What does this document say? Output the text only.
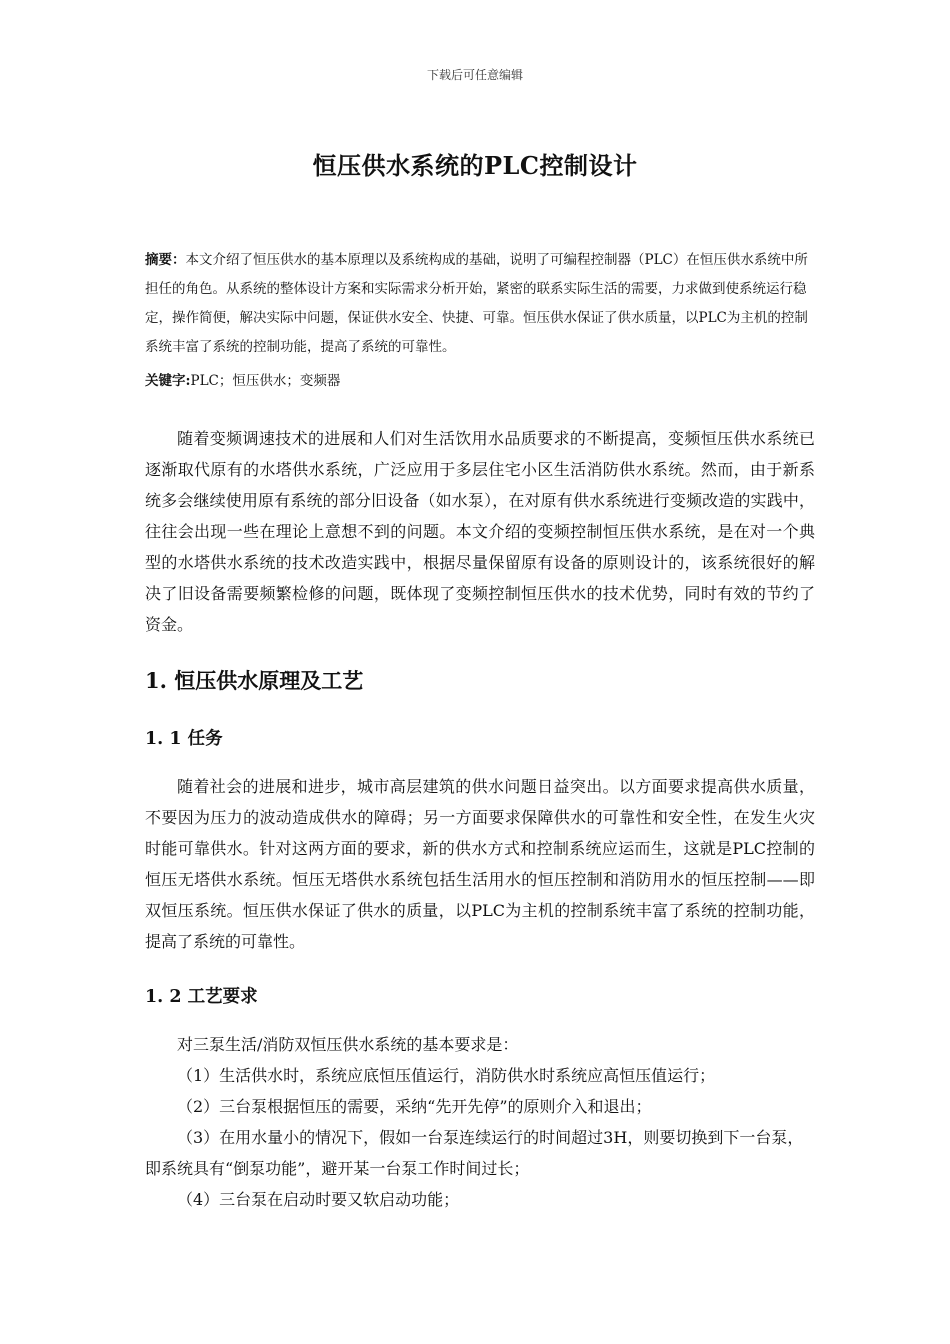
下载后可任意编辑
恒压供水系统的PLC控制设计
摘要：本文介绍了恒压供水的基本原理以及系统构成的基础，说明了可编程控制器（PLC）在恒压供水系统中所担任的角色。从系统的整体设计方案和实际需求分析开始，紧密的联系实际生活的需要，力求做到使系统运行稳定，操作简便，解决实际中问题，保证供水安全、快捷、可靠。恒压供水保证了供水质量，以PLC为主机的控制系统丰富了系统的控制功能，提高了系统的可靠性。
关键字:PLC；恒压供水；变频器
随着变频调速技术的进展和人们对生活饮用水品质要求的不断提高，变频恒压供水系统已逐渐取代原有的水塔供水系统，广泛应用于多层住宅小区生活消防供水系统。然而，由于新系统多会继续使用原有系统的部分旧设备（如水泵），在对原有供水系统进行变频改造的实践中，往往会出现一些在理论上意想不到的问题。本文介绍的变频控制恒压供水系统，是在对一个典型的水塔供水系统的技术改造实践中，根据尽量保留原有设备的原则设计的，该系统很好的解决了旧设备需要频繁检修的问题，既体现了变频控制恒压供水的技术优势，同时有效的节约了资金。
1. 恒压供水原理及工艺
1. 1 任务
随着社会的进展和进步，城市高层建筑的供水问题日益突出。以方面要求提高供水质量，不要因为压力的波动造成供水的障碍；另一方面要求保障供水的可靠性和安全性，在发生火灾时能可靠供水。针对这两方面的要求，新的供水方式和控制系统应运而生，这就是PLC控制的恒压无塔供水系统。恒压无塔供水系统包括生活用水的恒压控制和消防用水的恒压控制——即双恒压系统。恒压供水保证了供水的质量，以PLC为主机的控制系统丰富了系统的控制功能，提高了系统的可靠性。
1. 2 工艺要求
对三泵生活/消防双恒压供水系统的基本要求是：
（1）生活供水时，系统应底恒压值运行，消防供水时系统应高恒压值运行；
（2）三台泵根据恒压的需要，采纳“先开先停”的原则介入和退出；
（3）在用水量小的情况下，假如一台泵连续运行的时间超过3H，则要切换到下一台泵，
即系统具有“倒泵功能”，避开某一台泵工作时间过长；
（4）三台泵在启动时要又软启动功能；
